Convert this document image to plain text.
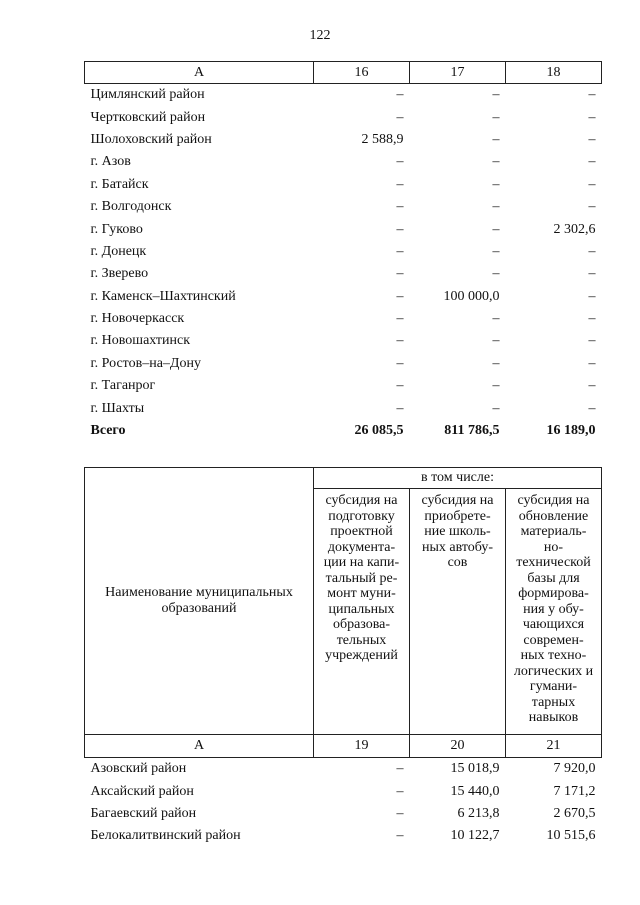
122
А	16	17	18
Цимлянский район	–	–	–
Чертковский район	–	–	–
Шолоховский район	2 588,9	–	–
г. Азов	–	–	–
г. Батайск	–	–	–
г. Волгодонск	–	–	–
г. Гуково	–	–	2 302,6
г. Донецк	–	–	–
г. Зверево	–	–	–
г. Каменск–Шахтинский	–	100 000,0	–
г. Новочеркасск	–	–	–
г. Новошахтинск	–	–	–
г. Ростов–на–Дону	–	–	–
г. Таганрог	–	–	–
г. Шахты	–	–	–
Всего	26 085,5	811 786,5	16 189,0
Наименование муниципальных образований	в том числе:		

	субсидия на подготовку проектной документа- ции на капи- тальный ре- монт муни- ципальных образова- тельных учреждений	субсидия на приобрете- ние школь- ных автобу- сов	субсидия на обновление материаль- но- технической базы для формирова- ния у обу- чающихся современ- ных техно- логических и гумани- тарных навыков

А	19	20	21
Азовский район	–	15 018,9	7 920,0
Аксайский район	–	15 440,0	7 171,2
Багаевский район	–	6 213,8	2 670,5
Белокалитвинский район	–	10 122,7	10 515,6
